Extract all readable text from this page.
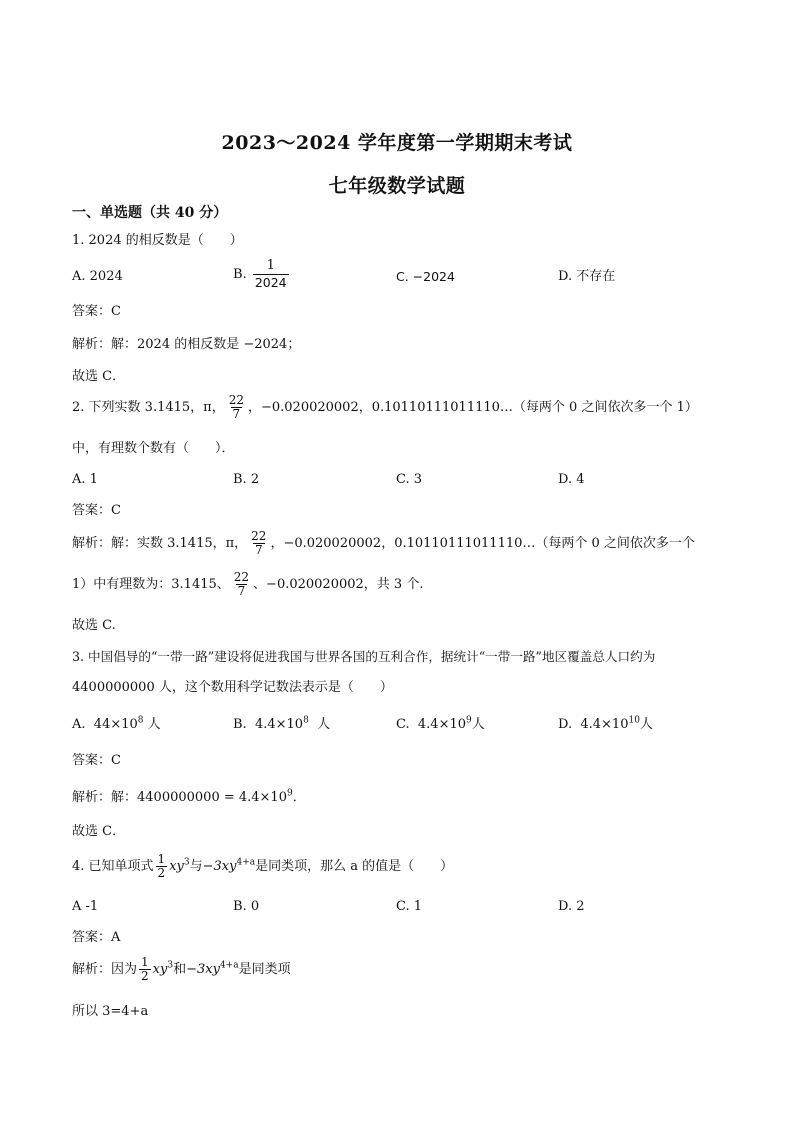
2023～2024 学年度第一学期期末考试
七年级数学试题
一、单选题（共 40 分）
1. 2024 的相反数是（　　）
A. 2024	B. $\frac{1}{2024}$	C. −2024	D. 不存在
答案：C
解析：解：2024 的相反数是 −2024；
故选 C．
2. 下列实数 3.1415，π， $\frac{22}{7}$ ，−0.020020002，0.10110111011110…（每两个 0 之间依次多一个 1）
中，有理数个数有（　　）．
A. 1	B. 2	C. 3	D. 4
答案：C
解析：解：实数 3.1415，π， $\frac{22}{7}$ ，−0.020020002，0.10110111011110…（每两个 0 之间依次多一个
1）中有理数为：3.1415、 $\frac{22}{7}$ 、−0.020020002，共 3 个.
故选 C.
3. 中国倡导的“一带一路”建设将促进我国与世界各国的互利合作，据统计“一带一路”地区覆盖总人口约为
4400000000 人，这个数用科学记数法表示是（　　）
A. $44\times 10^8$ 人	B. $4.4\times 10^8$ 人	C. $4.4\times 10^9$人	D. $4.4\times 10^{10}$人
答案：C
解析：解：$4400000000 = 4.4\times 10^9$．
故选 C．
4. 已知单项式 $\frac{1}{2} xy^3$与$-3xy^{4+a}$是同类项，那么 a 的值是（　　）
A -1	B. 0	C. 1	D. 2
答案：A
解析：因为 $\frac{1}{2} xy^3$和$-3xy^{4+a}$是同类项
所以 3=4+a
